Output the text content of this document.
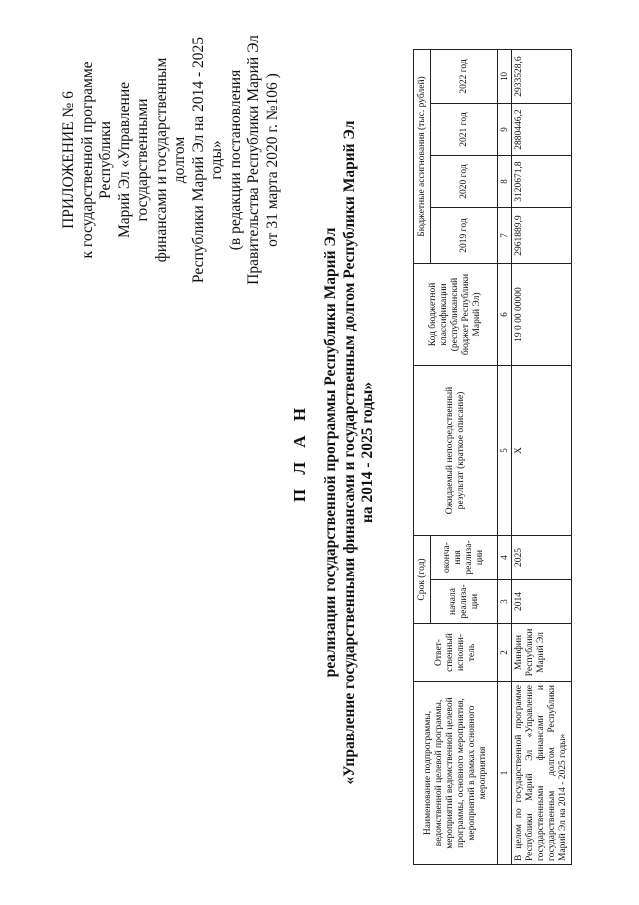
ПРИЛОЖЕНИЕ № 6 к государственной программе Республики Марий Эл «Управление государственными финансами и государственным долгом Республики Марий Эл на 2014 - 2025 годы» (в редакции постановления Правительства Республики Марий Эл от 31 марта 2020 г. №106 )
П Л А Н реализации государственной программы Республики Марий Эл «Управление государственными финансами и государственным долгом Республики Марий Эл на 2014 - 2025 годы»
Наименование подпрограммы, ведомственной целевой программы, мероприятий ведомственной целевой программы, основного мероприятия, мероприятий в рамках основного мероприятия	Ответ-ственный исполни-тель	Срок (год)		Ожидаемый непосредственный результат (краткое описание)	Код бюджетной классификации (республиканский бюджет Республики Марий Эл)	Бюджетные ассигнования (тыс. рублей)			
		начала реализа-ции	оконча-ния реализа-ции			2019 год	2020 год	2021 год	2022 год
1	2	3	4	5	6	7	8	9	10
В целом по государственной программе Республики Марий Эл «Управление государственными финансами и государственным долгом Республики Марий Эл на 2014 - 2025 годы»	Минфин Республики Марий Эл	2014	2025	Х	19 0 00 00000	2961889,9	3120671,8	2880446,2	2933528,6
